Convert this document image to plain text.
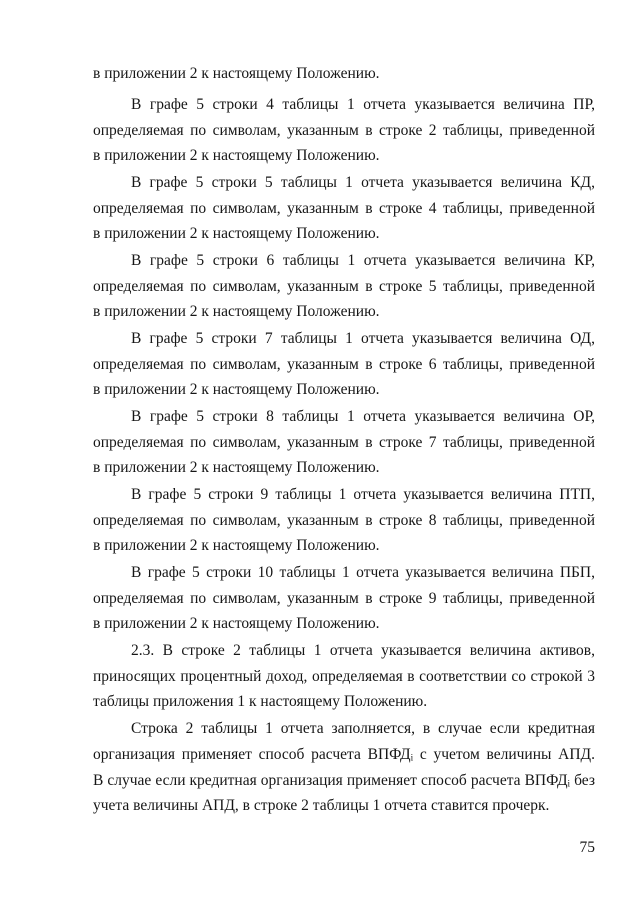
в приложении 2 к настоящему Положению.
В графе 5 строки 4 таблицы 1 отчета указывается величина ПР,
определяемая по символам, указанным в строке 2 таблицы, приведенной
в приложении 2 к настоящему Положению.
В графе 5 строки 5 таблицы 1 отчета указывается величина КД,
определяемая по символам, указанным в строке 4 таблицы, приведенной
в приложении 2 к настоящему Положению.
В графе 5 строки 6 таблицы 1 отчета указывается величина КР,
определяемая по символам, указанным в строке 5 таблицы, приведенной
в приложении 2 к настоящему Положению.
В графе 5 строки 7 таблицы 1 отчета указывается величина ОД,
определяемая по символам, указанным в строке 6 таблицы, приведенной
в приложении 2 к настоящему Положению.
В графе 5 строки 8 таблицы 1 отчета указывается величина ОР,
определяемая по символам, указанным в строке 7 таблицы, приведенной
в приложении 2 к настоящему Положению.
В графе 5 строки 9 таблицы 1 отчета указывается величина ПТП,
определяемая по символам, указанным в строке 8 таблицы, приведенной
в приложении 2 к настоящему Положению.
В графе 5 строки 10 таблицы 1 отчета указывается величина ПБП,
определяемая по символам, указанным в строке 9 таблицы, приведенной
в приложении 2 к настоящему Положению.
2.3. В строке 2 таблицы 1 отчета указывается величина активов,
приносящих процентный доход, определяемая в соответствии со строкой 3
таблицы приложения 1 к настоящему Положению.
Строка 2 таблицы 1 отчета заполняется, в случае если кредитная
организация применяет способ расчета ВПФДᵢ с учетом величины АПД.
В случае если кредитная организация применяет способ расчета ВПФДᵢ без
учета величины АПД, в строке 2 таблицы 1 отчета ставится прочерк.
75
